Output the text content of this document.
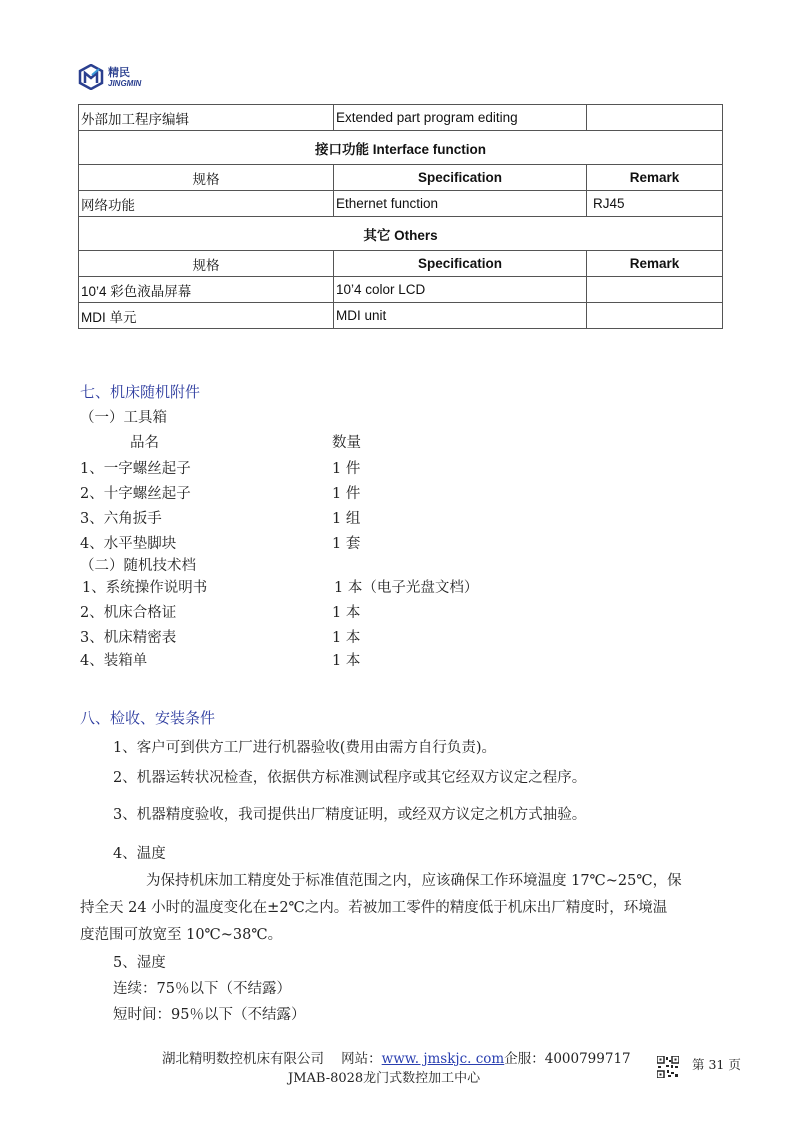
精民
JINGMIN
外部加工程序编辑	Extended part program editing	
接口功能 Interface function		
规格	Specification	Remark
网络功能	Ethernet function	RJ45
其它 Others		
规格	Specification	Remark
10’4 彩色液晶屏幕	10’4 color LCD	
MDI 单元	MDI unit	
七、机床随机附件
（一）工具箱
品名	数量
1、一字螺丝起子	1 件
2、十字螺丝起子	1 件
3、六角扳手	1 组
4、水平垫脚块	1 套
（二）随机技术档
1、系统操作说明书	1 本（电子光盘文档）
2、机床合格证	1 本
3、机床精密表	1 本
4、装箱单	1 本
八、检收、安装条件
1、客户可到供方工厂进行机器验收(费用由需方自行负责)。
2、机器运转状况检查，依据供方标准测试程序或其它经双方议定之程序。
3、机器精度验收，我司提供出厂精度证明，或经双方议定之机方式抽验。
4、温度
为保持机床加工精度处于标准值范围之内，应该确保工作环境温度 17℃~25℃，保
持全天 24 小时的温度变化在±2℃之内。若被加工零件的精度低于机床出厂精度时，环境温
度范围可放宽至 10℃~38℃。
5、湿度
连续：75％以下（不结露）
短时间：95％以下（不结露）
湖北精明数控机床有限公司 网站：www. jmskjc. com企服：4000799717
JMAB-8028龙门式数控加工中心
第 31 页
